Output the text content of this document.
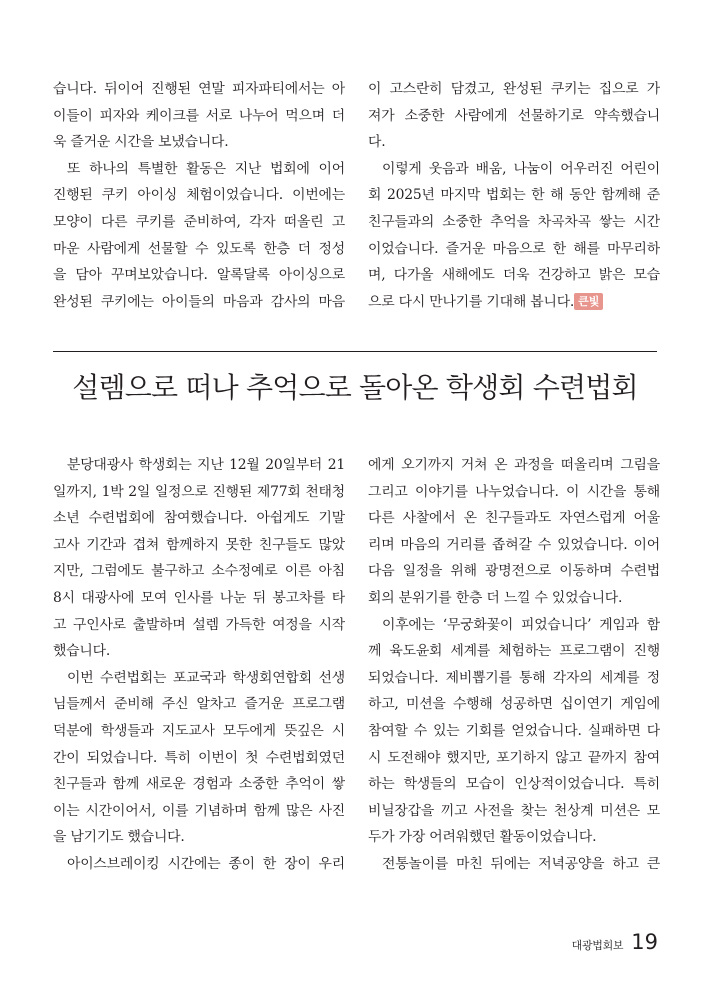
습니다. 뒤이어 진행된 연말 피자파티에서는 아

이들이 피자와 케이크를 서로 나누어 먹으며 더

욱 즐거운 시간을 보냈습니다.

또 하나의 특별한 활동은 지난 법회에 이어

진행된 쿠키 아이싱 체험이었습니다. 이번에는

모양이 다른 쿠키를 준비하여, 각자 떠올린 고

마운 사람에게 선물할 수 있도록 한층 더 정성

을 담아 꾸며보았습니다. 알록달록 아이싱으로

완성된 쿠키에는 아이들의 마음과 감사의 마음

이 고스란히 담겼고, 완성된 쿠키는 집으로 가

져가 소중한 사람에게 선물하기로 약속했습니

다.

이렇게 웃음과 배움, 나눔이 어우러진 어린이

회 2025년 마지막 법회는 한 해 동안 함께해 준

친구들과의 소중한 추억을 차곡차곡 쌓는 시간

이었습니다. 즐거운 마음으로 한 해를 마무리하

며, 다가올 새해에도 더욱 건강하고 밝은 모습

으로 다시 만나기를 기대해 봅니다. 큰빛

설렘으로 떠나 추억으로 돌아온 학생회 수련법회

분당대광사 학생회는 지난 12월 20일부터 21

일까지, 1박 2일 일정으로 진행된 제77회 천태청

소년 수련법회에 참여했습니다. 아쉽게도 기말

고사 기간과 겹쳐 함께하지 못한 친구들도 많았

지만, 그럼에도 불구하고 소수정예로 이른 아침

8시 대광사에 모여 인사를 나눈 뒤 봉고차를 타

고 구인사로 출발하며 설렘 가득한 여정을 시작

했습니다.

이번 수련법회는 포교국과 학생회연합회 선생

님들께서 준비해 주신 알차고 즐거운 프로그램

덕분에 학생들과 지도교사 모두에게 뜻깊은 시

간이 되었습니다. 특히 이번이 첫 수련법회였던

친구들과 함께 새로운 경험과 소중한 추억이 쌓

이는 시간이어서, 이를 기념하며 함께 많은 사진

을 남기기도 했습니다.

아이스브레이킹 시간에는 종이 한 장이 우리

에게 오기까지 거쳐 온 과정을 떠올리며 그림을

그리고 이야기를 나누었습니다. 이 시간을 통해

다른 사찰에서 온 친구들과도 자연스럽게 어울

리며 마음의 거리를 좁혀갈 수 있었습니다. 이어

다음 일정을 위해 광명전으로 이동하며 수련법

회의 분위기를 한층 더 느낄 수 있었습니다.

이후에는 ‘무궁화꽃이 피었습니다’ 게임과 함

께 육도윤회 세계를 체험하는 프로그램이 진행

되었습니다. 제비뽑기를 통해 각자의 세계를 정

하고, 미션을 수행해 성공하면 십이연기 게임에

참여할 수 있는 기회를 얻었습니다. 실패하면 다

시 도전해야 했지만, 포기하지 않고 끝까지 참여

하는 학생들의 모습이 인상적이었습니다. 특히

비닐장갑을 끼고 사전을 찾는 천상계 미션은 모

두가 가장 어려워했던 활동이었습니다.

전통놀이를 마친 뒤에는 저녁공양을 하고 큰

대광법회보 19
